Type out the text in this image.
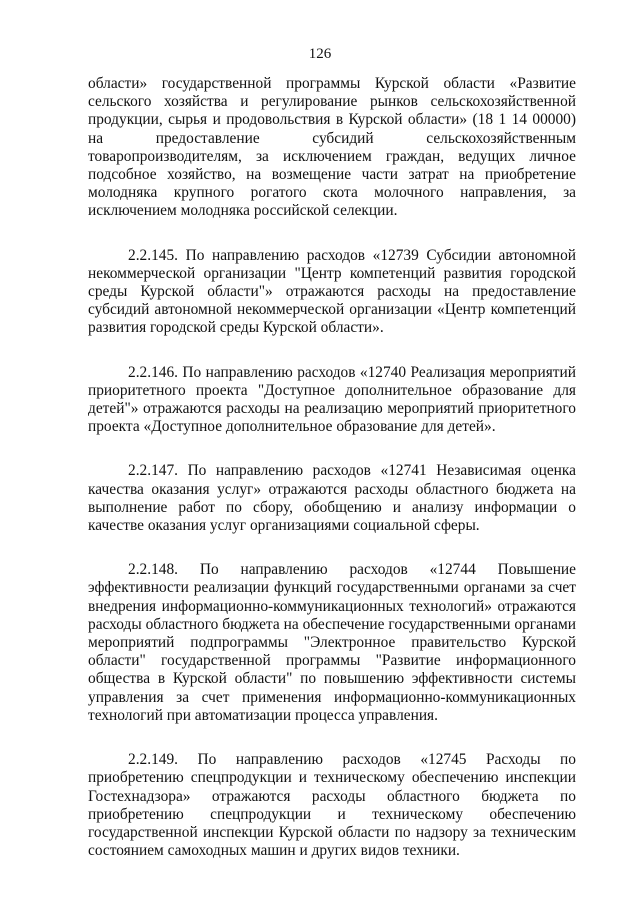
126

области» государственной программы Курской области «Развитие сельского хозяйства и регулирование рынков сельскохозяйственной продукции, сырья и продовольствия в Курской области» (18 1 14 00000) на предоставление субсидий сельскохозяйственным товаропроизводителям, за исключением граждан, ведущих личное подсобное хозяйство, на возмещение части затрат на приобретение молодняка крупного рогатого скота молочного направления, за исключением молодняка российской селекции.

2.2.145. По направлению расходов «12739 Субсидии автономной некоммерческой организации "Центр компетенций развития городской среды Курской области"» отражаются расходы на предоставление субсидий автономной некоммерческой организации «Центр компетенций развития городской среды Курской области».

2.2.146. По направлению расходов «12740 Реализация мероприятий приоритетного проекта "Доступное дополнительное образование для детей"» отражаются расходы на реализацию мероприятий приоритетного проекта «Доступное дополнительное образование для детей».

2.2.147. По направлению расходов «12741 Независимая оценка качества оказания услуг» отражаются расходы областного бюджета на выполнение работ по сбору, обобщению и анализу информации о качестве оказания услуг организациями социальной сферы.

2.2.148. По направлению расходов «12744 Повышение эффективности реализации функций государственными органами за счет внедрения информационно-коммуникационных технологий» отражаются расходы областного бюджета на обеспечение государственными органами мероприятий подпрограммы "Электронное правительство Курской области" государственной программы "Развитие информационного общества в Курской области" по повышению эффективности системы управления за счет применения информационно-коммуникационных технологий при автоматизации процесса управления.

2.2.149. По направлению расходов «12745 Расходы по приобретению спецпродукции и техническому обеспечению инспекции Гостехнадзора» отражаются расходы областного бюджета по приобретению спецпродукции и техническому обеспечению государственной инспекции Курской области по надзору за техническим состоянием самоходных машин и других видов техники.
